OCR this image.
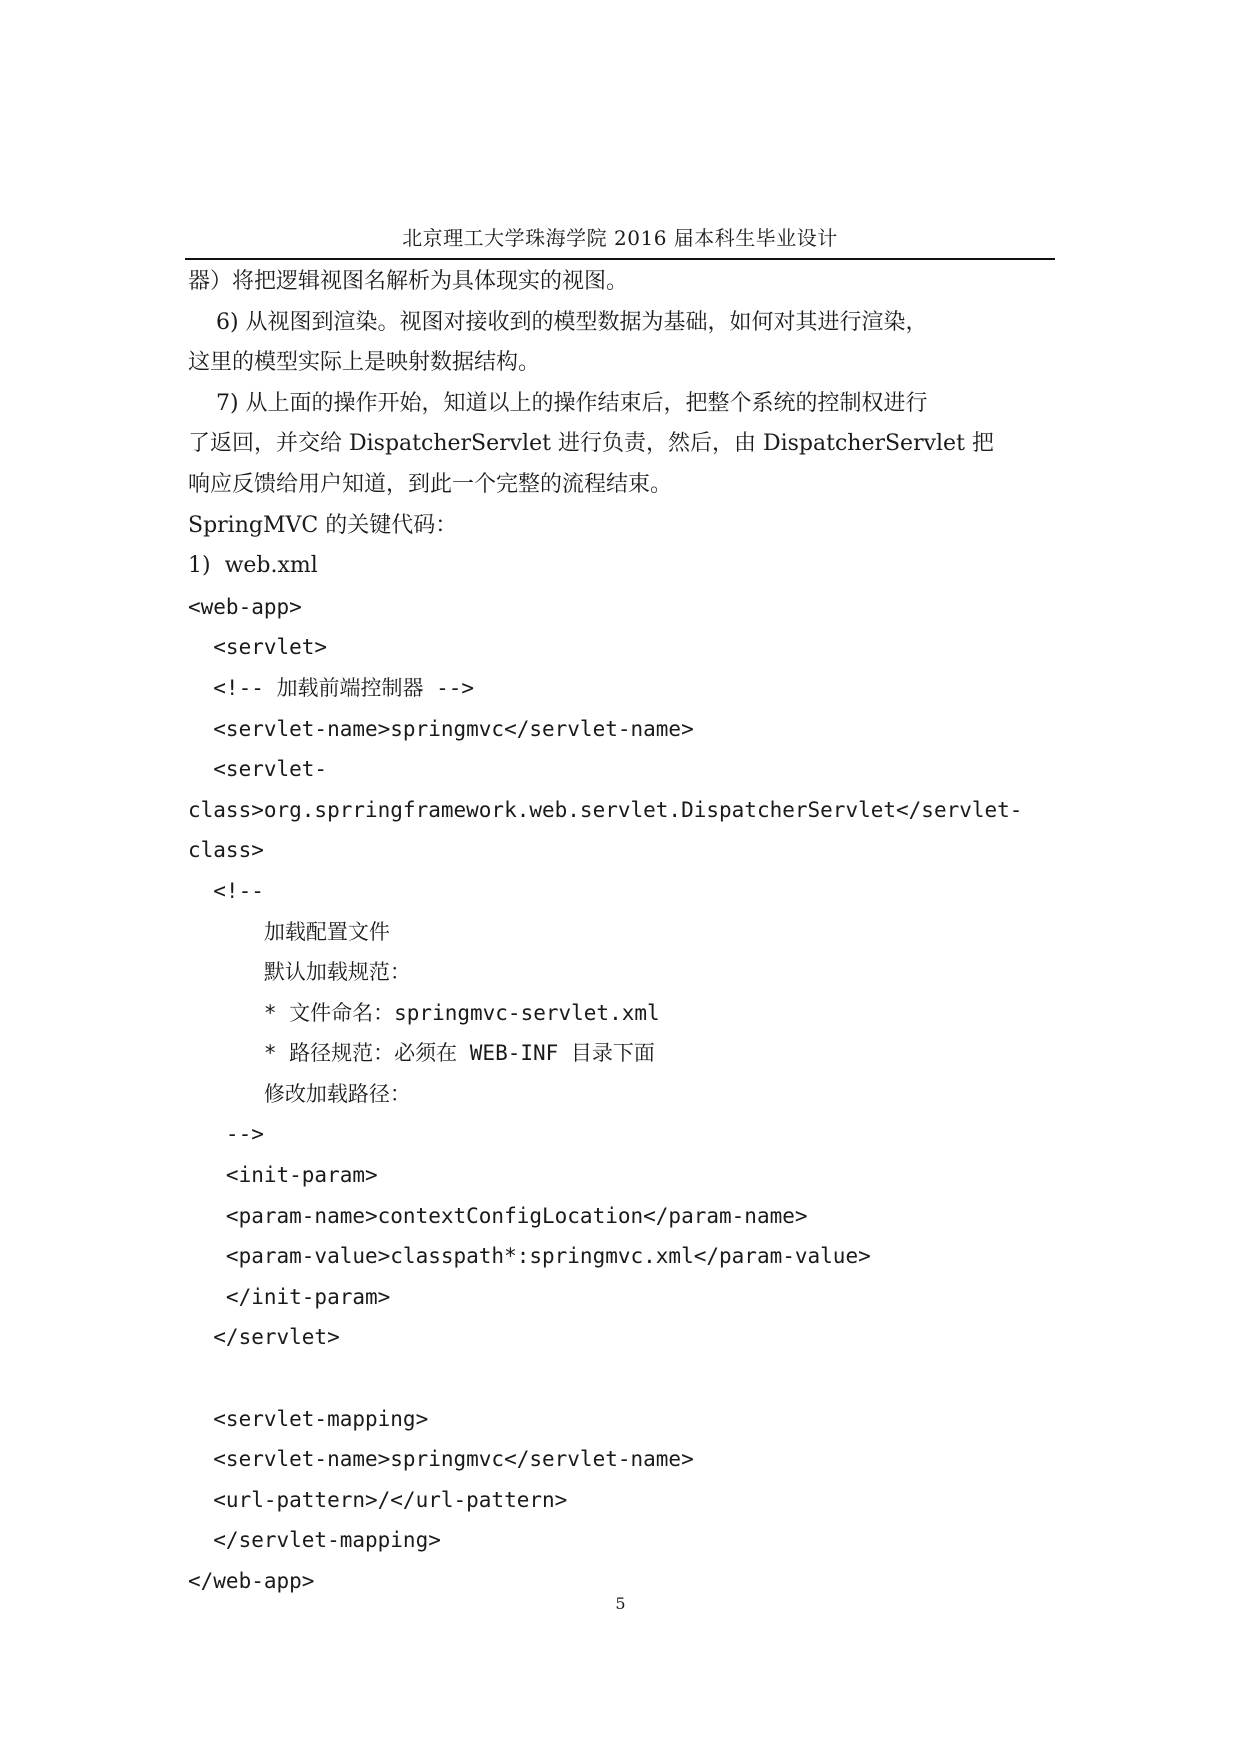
北京理工大学珠海学院 2016 届本科生毕业设计
器）将把逻辑视图名解析为具体现实的视图。
6) 从视图到渲染。视图对接收到的模型数据为基础，如何对其进行渲染，
这里的模型实际上是映射数据结构。
7) 从上面的操作开始，知道以上的操作结束后，把整个系统的控制权进行
了返回，并交给 DispatcherServlet 进行负责，然后，由 DispatcherServlet 把
响应反馈给用户知道，到此一个完整的流程结束。
SpringMVC 的关键代码：
1)  web.xml
<web-app>
<servlet>
<!-- 加载前端控制器 -->
<servlet-name>springmvc</servlet-name>
<servlet-
class>org.sprringframework.web.servlet.DispatcherServlet</servlet-
class>
<!--
加载配置文件
默认加载规范：
* 文件命名：springmvc-servlet.xml
* 路径规范：必须在 WEB-INF 目录下面
修改加载路径：
-->
<init-param>
<param-name>contextConfigLocation</param-name>
<param-value>classpath*:springmvc.xml</param-value>
</init-param>
</servlet>
<servlet-mapping>
<servlet-name>springmvc</servlet-name>
<url-pattern>/</url-pattern>
</servlet-mapping>
</web-app>
5
